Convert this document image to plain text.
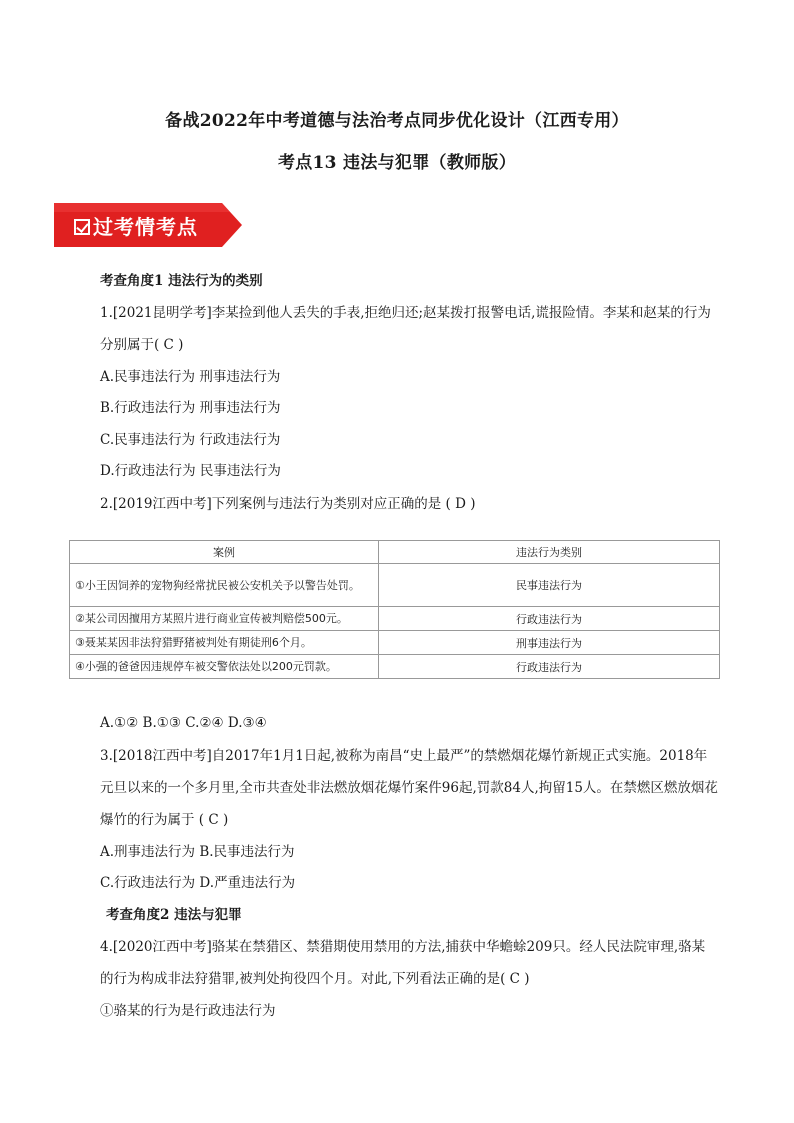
备战2022年中考道德与法治考点同步优化设计（江西专用）
考点13 违法与犯罪（教师版）
过考情考点
考查角度1 违法行为的类别
1.[2021昆明学考]李某捡到他人丢失的手表,拒绝归还;赵某拨打报警电话,谎报险情。李某和赵某的行为
分别属于( C )
A.民事违法行为 刑事违法行为
B.行政违法行为 刑事违法行为
C.民事违法行为 行政违法行为
D.行政违法行为 民事违法行为
2.[2019江西中考]下列案例与违法行为类别对应正确的是 ( D )
案例	违法行为类别
①小王因饲养的宠物狗经常扰民被公安机关予以警告处罚。	民事违法行为
②某公司因擅用方某照片进行商业宣传被判赔偿500元。	行政违法行为
③聂某某因非法狩猎野猪被判处有期徒刑6个月。	刑事违法行为
④小强的爸爸因违规停车被交警依法处以200元罚款。	行政违法行为
A.①② B.①③ C.②④ D.③④
3.[2018江西中考]自2017年1月1日起,被称为南昌“史上最严”的禁燃烟花爆竹新规正式实施。2018年
元旦以来的一个多月里,全市共查处非法燃放烟花爆竹案件96起,罚款84人,拘留15人。在禁燃区燃放烟花
爆竹的行为属于 ( C )
A.刑事违法行为 B.民事违法行为
C.行政违法行为 D.严重违法行为
考查角度2 违法与犯罪
4.[2020江西中考]骆某在禁猎区、禁猎期使用禁用的方法,捕获中华蟾蜍209只。经人民法院审理,骆某
的行为构成非法狩猎罪,被判处拘役四个月。对此,下列看法正确的是( C )
①骆某的行为是行政违法行为
